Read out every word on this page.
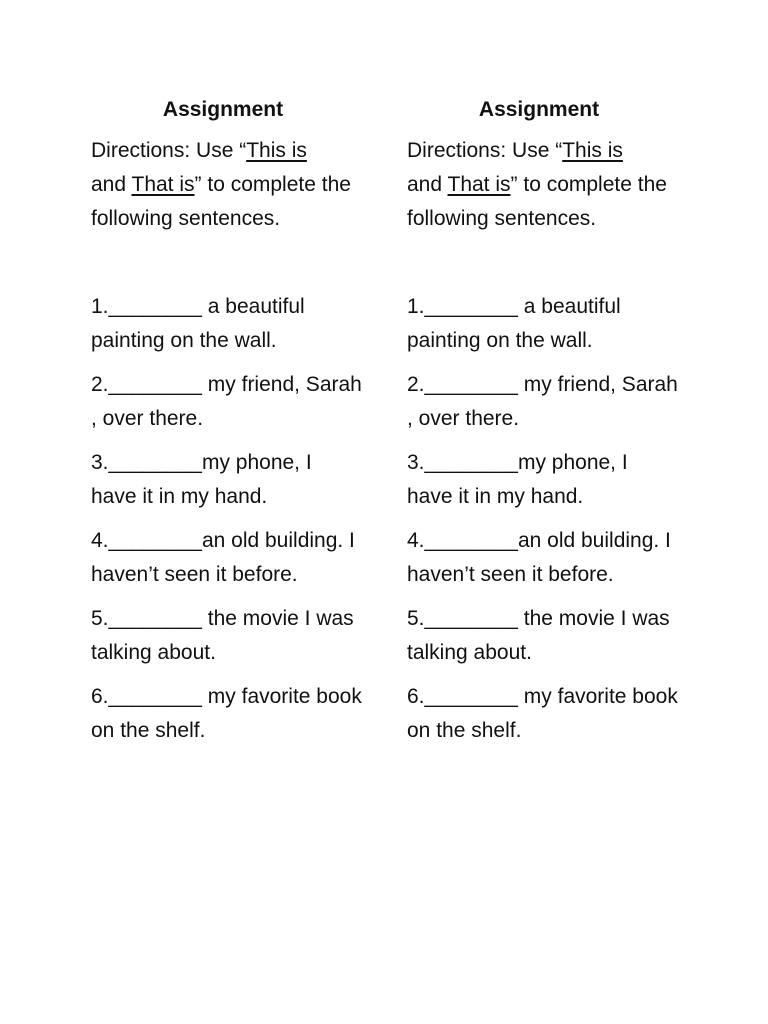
Assignment
Directions: Use “This is
and That is” to complete the following sentences.
1.________ a beautiful painting on the wall.
2.________ my friend, Sarah , over there.
3.________my phone, I have it in my hand.
4.________an old building. I haven’t seen it before.
5.________ the movie I was talking about.
6.________ my favorite book on the shelf.
Assignment
Directions: Use “This is
and That is” to complete the following sentences.
1.________ a beautiful painting on the wall.
2.________ my friend, Sarah , over there.
3.________my phone, I have it in my hand.
4.________an old building. I haven’t seen it before.
5.________ the movie I was talking about.
6.________ my favorite book on the shelf.
